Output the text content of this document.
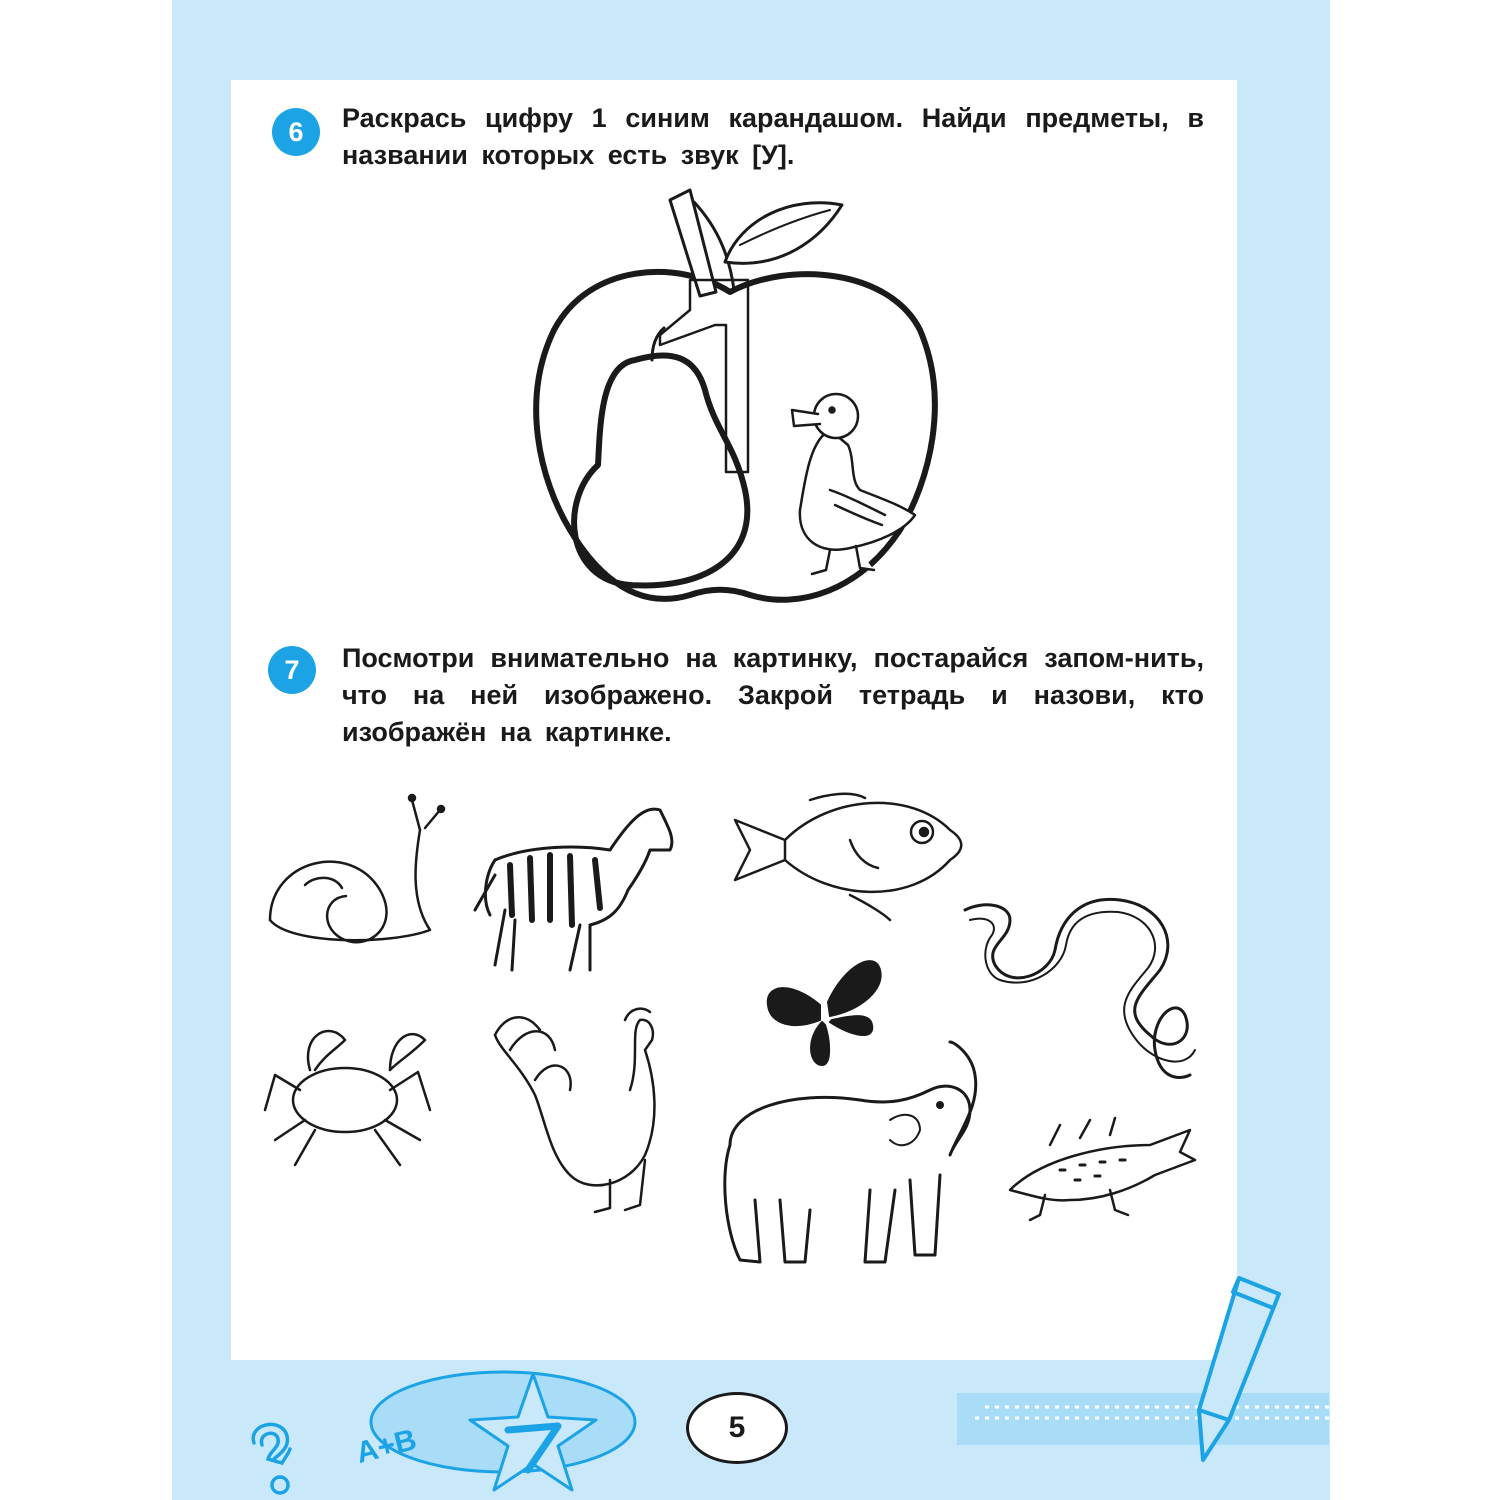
6	Раскрась цифру 1 синим карандашом. Найди предметы, в названии которых есть звук [У].

7	Посмотри внимательно на картинку, постарайся запом-нить, что на ней изображено. Закрой тетрадь и назови, кто изображён на картинке.

A+B	5
